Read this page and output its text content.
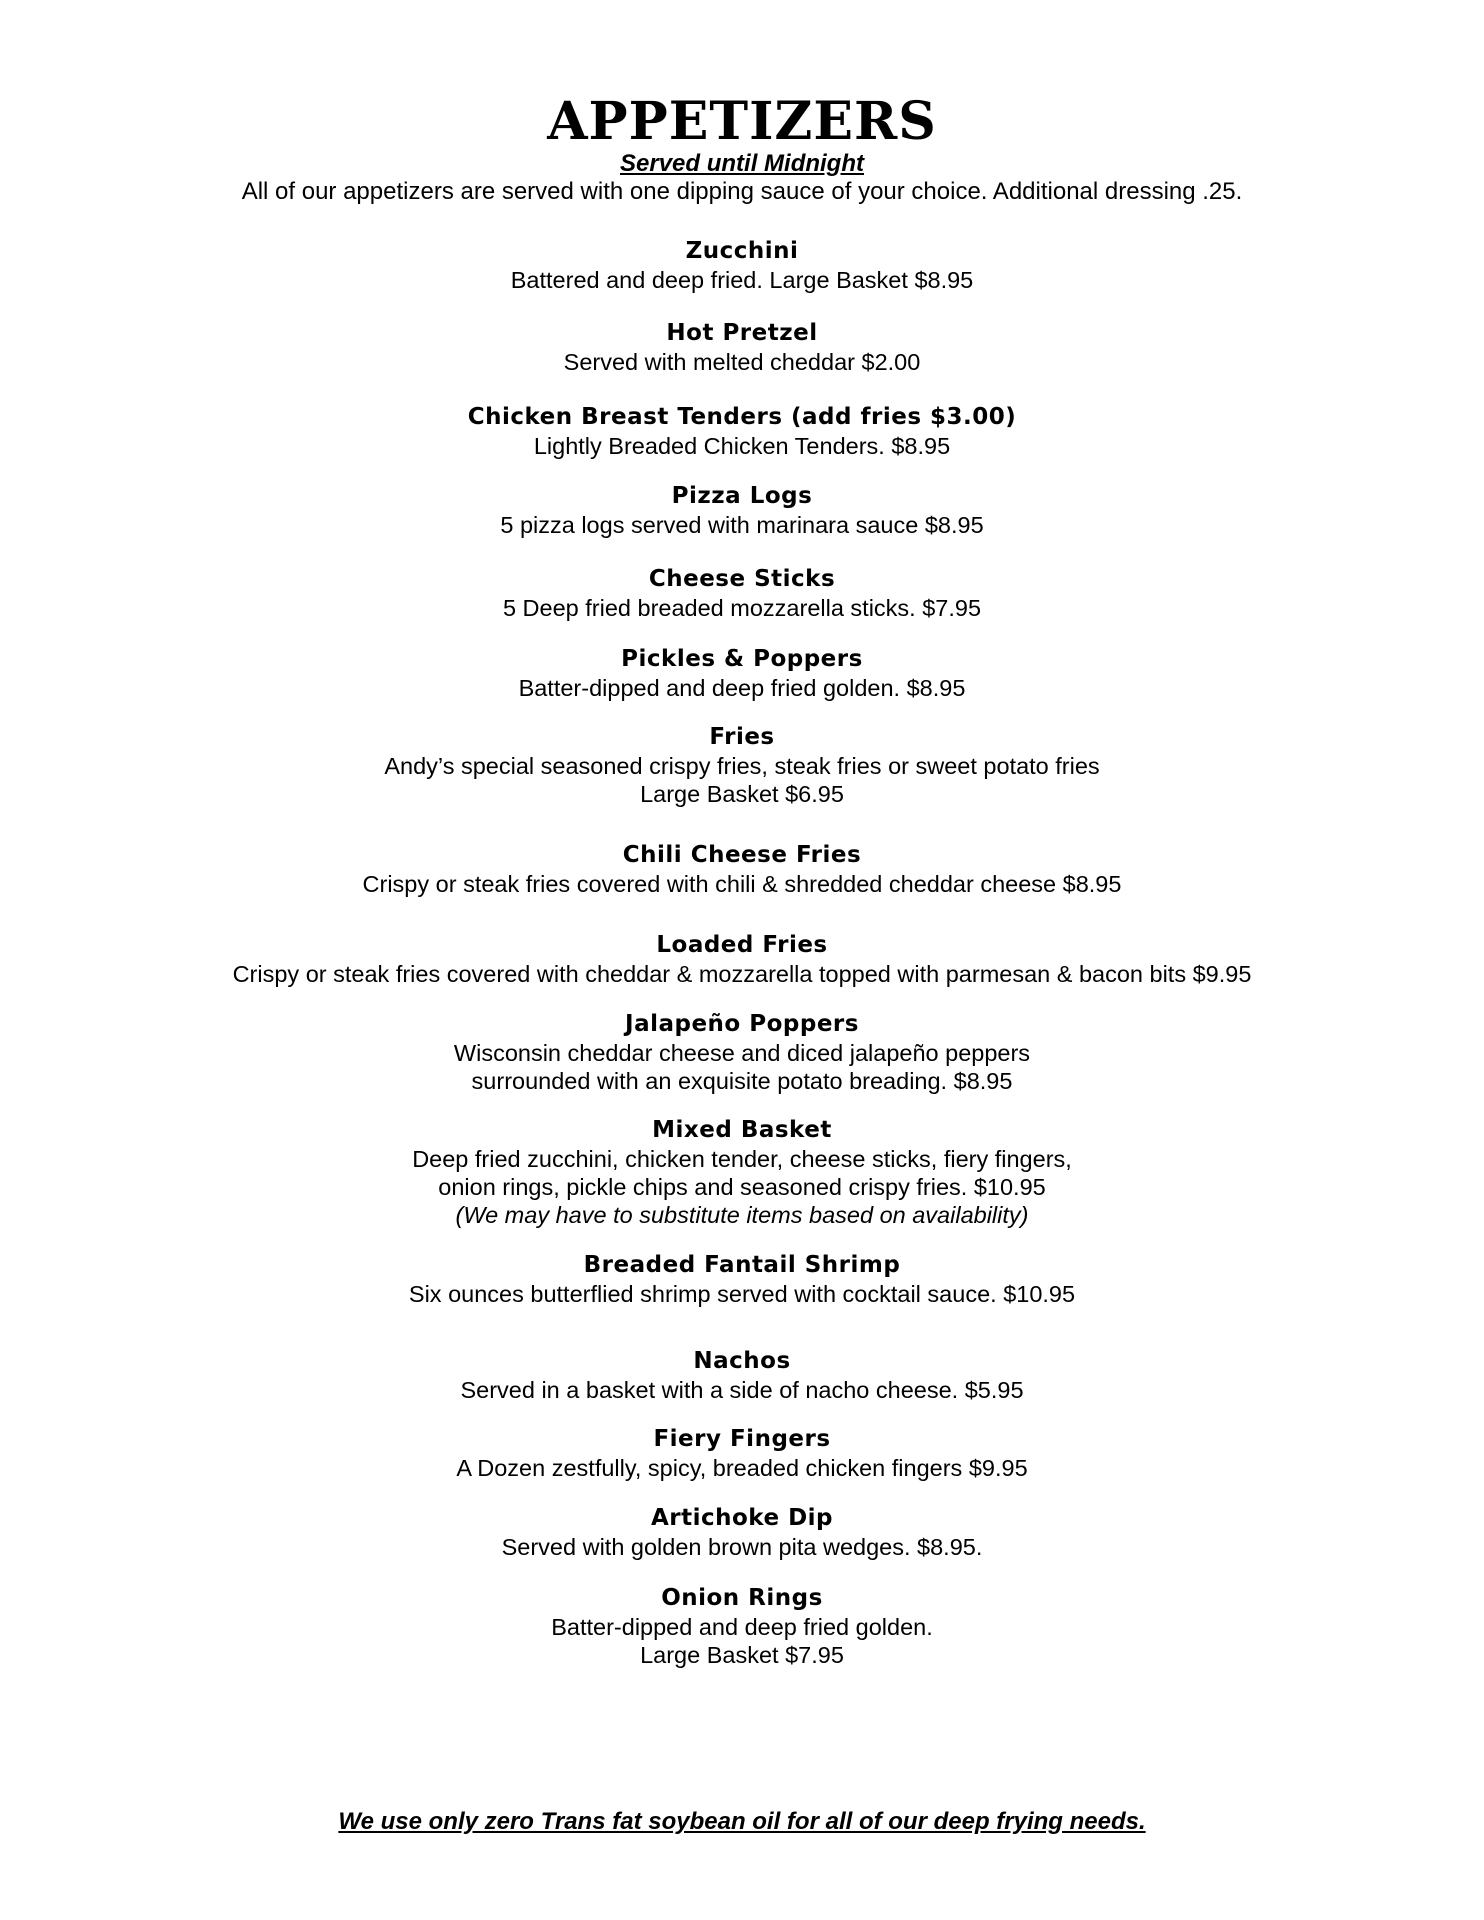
APPETIZERS
Served until Midnight
All of our appetizers are served with one dipping sauce of your choice. Additional dressing .25.
Zucchini
Battered and deep fried. Large Basket $8.95
Hot Pretzel
Served with melted cheddar $2.00
Chicken Breast Tenders (add fries $3.00)
Lightly Breaded Chicken Tenders. $8.95
Pizza Logs
5 pizza logs served with marinara sauce $8.95
Cheese Sticks
5 Deep fried breaded mozzarella sticks. $7.95
Pickles & Poppers
Batter-dipped and deep fried golden. $8.95
Fries
Andy’s special seasoned crispy fries, steak fries or sweet potato fries
Large Basket $6.95
Chili Cheese Fries
Crispy or steak fries covered with chili & shredded cheddar cheese $8.95
Loaded Fries
Crispy or steak fries covered with cheddar & mozzarella topped with parmesan & bacon bits $9.95
Jalapeño Poppers
Wisconsin cheddar cheese and diced jalapeño peppers
surrounded with an exquisite potato breading. $8.95
Mixed Basket
Deep fried zucchini, chicken tender, cheese sticks, fiery fingers,
onion rings, pickle chips and seasoned crispy fries. $10.95
(We may have to substitute items based on availability)
Breaded Fantail Shrimp
Six ounces butterflied shrimp served with cocktail sauce. $10.95
Nachos
Served in a basket with a side of nacho cheese. $5.95
Fiery Fingers
A Dozen zestfully, spicy, breaded chicken fingers $9.95
Artichoke Dip
Served with golden brown pita wedges. $8.95.
Onion Rings
Batter-dipped and deep fried golden.
Large Basket $7.95
We use only zero Trans fat soybean oil for all of our deep frying needs.
